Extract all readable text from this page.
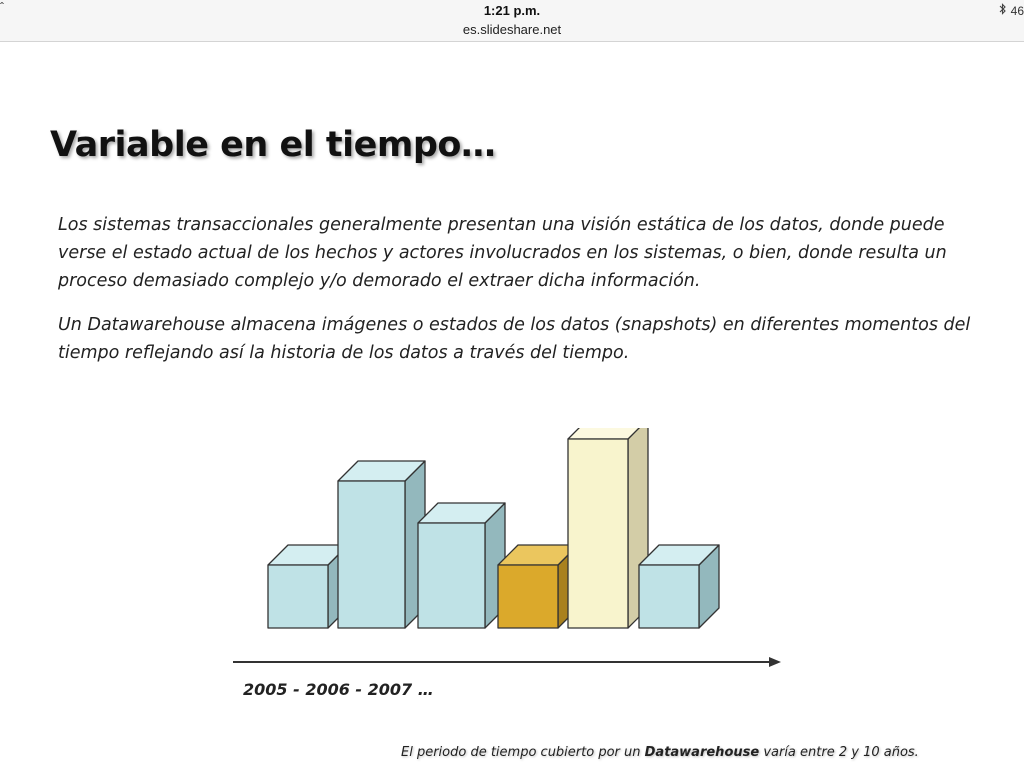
ˆ	1:21 p.m.
es.slideshare.net
46
Variable en el tiempo…

Los sistemas transaccionales generalmente presentan una visión estática de los datos, donde puede verse el estado actual de los hechos y actores involucrados en los sistemas, o bien, donde resulta un proceso demasiado complejo y/o demorado el extraer dicha información.

Un Datawarehouse almacena imágenes o estados de los datos (snapshots) en diferentes momentos del tiempo reflejando así la historia de los datos a través del tiempo.

2005 - 2006 - 2007 …
El periodo de tiempo cubierto por un Datawarehouse varía entre 2 y 10 años.
